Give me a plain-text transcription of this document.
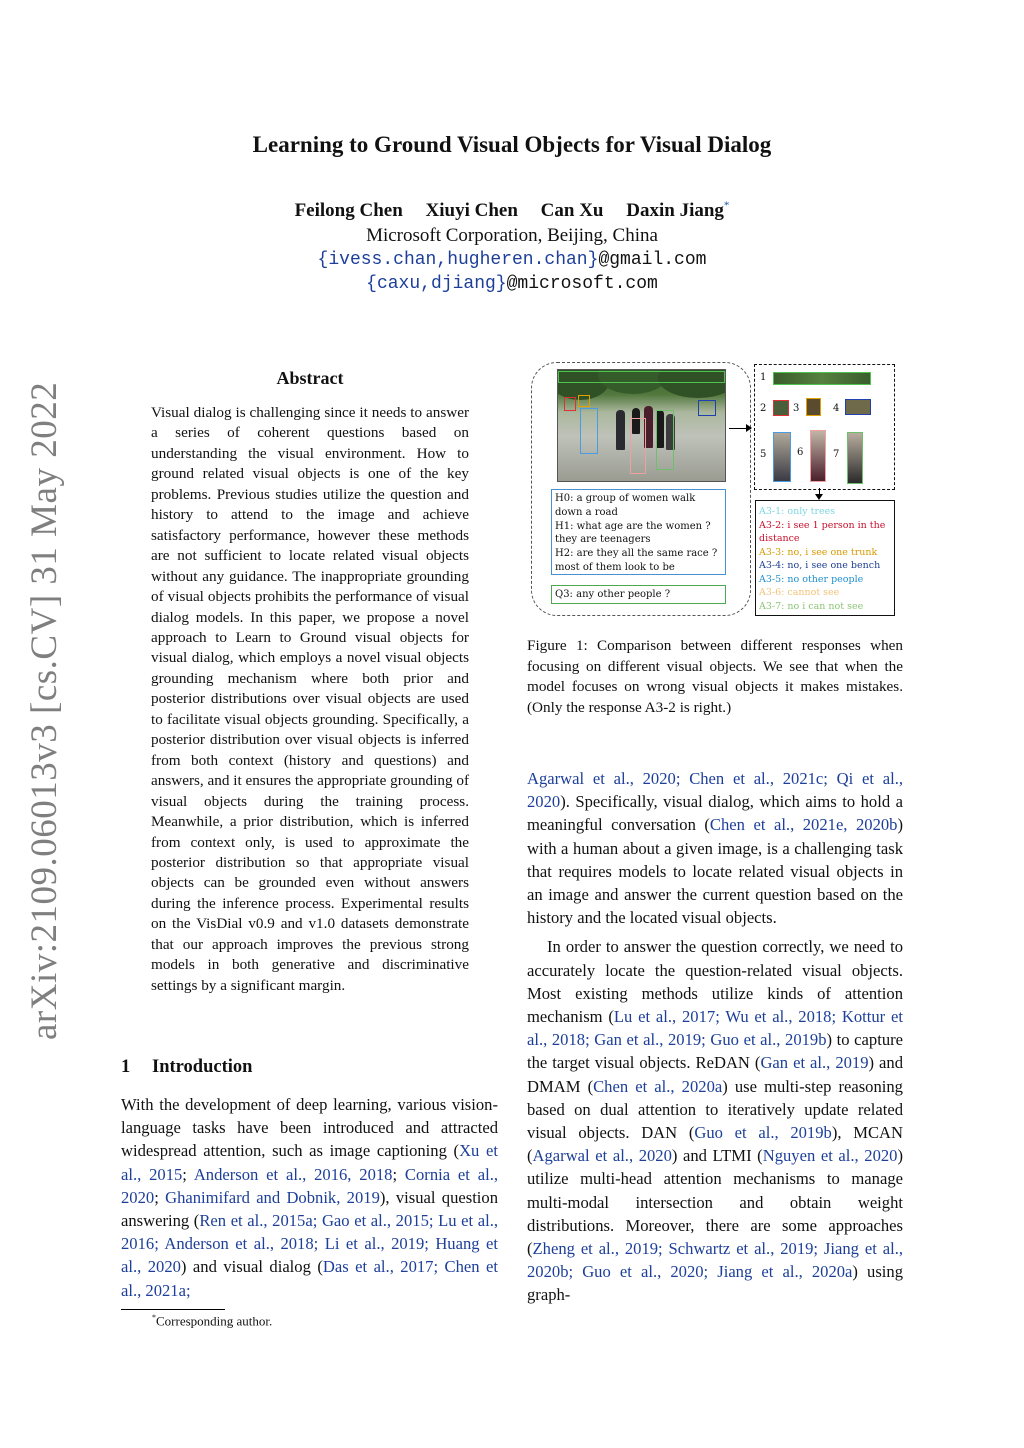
arXiv:2109.06013v3 [cs.CV] 31 May 2022
Learning to Ground Visual Objects for Visual Dialog
Feilong Chen Xiuyi Chen Can Xu Daxin Jiang*
Microsoft Corporation, Beijing, China
{ivess.chan,hugheren.chan}@gmail.com
{caxu,djiang}@microsoft.com
Abstract
Visual dialog is challenging since it needs to answer a series of coherent questions based on understanding the visual environment. How to ground related visual objects is one of the key problems. Previous studies utilize the question and history to attend to the image and achieve satisfactory performance, however these methods are not sufficient to locate related visual objects without any guidance. The inappropriate grounding of visual objects prohibits the performance of visual dialog models. In this paper, we propose a novel approach to Learn to Ground visual objects for visual dialog, which employs a novel visual objects grounding mechanism where both prior and posterior distributions over visual objects are used to facilitate visual objects grounding. Specifically, a posterior distribution over visual objects is inferred from both context (history and questions) and answers, and it ensures the appropriate grounding of visual objects during the training process. Meanwhile, a prior distribution, which is inferred from context only, is used to approximate the posterior distribution so that appropriate visual objects can be grounded even without answers during the inference process. Experimental results on the VisDial v0.9 and v1.0 datasets demonstrate that our approach improves the previous strong models in both generative and discriminative settings by a significant margin.
1 Introduction
With the development of deep learning, various vision-language tasks have been introduced and attracted widespread attention, such as image captioning (Xu et al., 2015; Anderson et al., 2016, 2018; Cornia et al., 2020; Ghanimifard and Dobnik, 2019), visual question answering (Ren et al., 2015a; Gao et al., 2015; Lu et al., 2016; Anderson et al., 2018; Li et al., 2019; Huang et al., 2020) and visual dialog (Das et al., 2017; Chen et al., 2021a;
*Corresponding author.
H0: a group of women walk down a road
H1: what age are the women ?
they are teenagers
H2: are they all the same race ?
most of them look to be
Q3: any other people ?
1
2	3	4
5	6	7
A3-1: only trees
A3-2: i see 1 person in the distance
A3-3: no, i see one trunk
A3-4: no, i see one bench
A3-5: no other people
A3-6: cannot see
A3-7: no i can not see
Figure 1: Comparison between different responses when focusing on different visual objects. We see that when the model focuses on wrong visual objects it makes mistakes. (Only the response A3-2 is right.)

Agarwal et al., 2020; Chen et al., 2021c; Qi et al., 2020). Specifically, visual dialog, which aims to hold a meaningful conversation (Chen et al., 2021e, 2020b) with a human about a given image, is a challenging task that requires models to locate related visual objects in an image and answer the current question based on the history and the located visual objects.

In order to answer the question correctly, we need to accurately locate the question-related visual objects. Most existing methods utilize kinds of attention mechanism (Lu et al., 2017; Wu et al., 2018; Kottur et al., 2018; Gan et al., 2019; Guo et al., 2019b) to capture the target visual objects. ReDAN (Gan et al., 2019) and DMAM (Chen et al., 2020a) use multi-step reasoning based on dual attention to iteratively update related visual objects. DAN (Guo et al., 2019b), MCAN (Agarwal et al., 2020) and LTMI (Nguyen et al., 2020) utilize multi-head attention mechanisms to manage multi-modal intersection and obtain weight distributions. Moreover, there are some approaches (Zheng et al., 2019; Schwartz et al., 2019; Jiang et al., 2020b; Guo et al., 2020; Jiang et al., 2020a) using graph-
